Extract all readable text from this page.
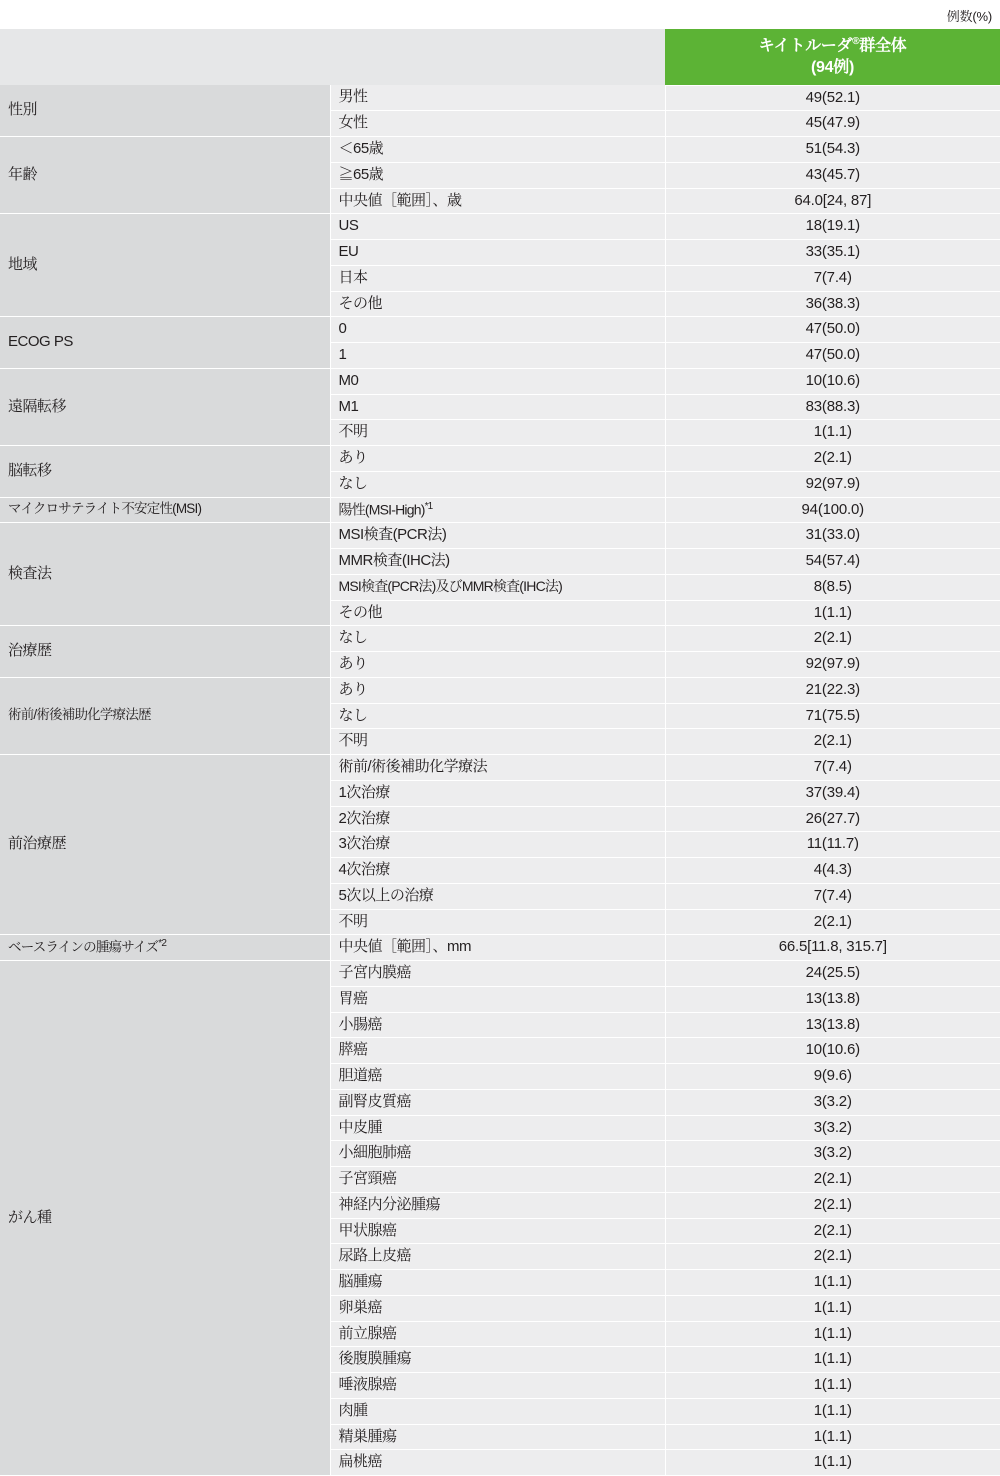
例数(%)
		キイトルーダ®群全体
(94例)
性別	男性	49(52.1)
	女性	45(47.9)
年齢	＜65歳	51(54.3)
	≧65歳	43(45.7)
	中央値［範囲］、歳	64.0[24, 87]
地域	US	18(19.1)
	EU	33(35.1)
	日本	7(7.4)
	その他	36(38.3)
ECOG PS	0	47(50.0)
	1	47(50.0)
遠隔転移	M0	10(10.6)
	M1	83(88.3)
	不明	1(1.1)
脳転移	あり	2(2.1)
	なし	92(97.9)
マイクロサテライト不安定性(MSI)	陽性(MSI-High)$^{*1}$	94(100.0)
検査法	MSI検査(PCR法)	31(33.0)
	MMR検査(IHC法)	54(57.4)
	MSI検査(PCR法)及びMMR検査(IHC法)	8(8.5)
	その他	1(1.1)
治療歴	なし	2(2.1)
	あり	92(97.9)
術前/術後補助化学療法歴	あり	21(22.3)
	なし	71(75.5)
	不明	2(2.1)
前治療歴	術前/術後補助化学療法	7(7.4)
	1次治療	37(39.4)
	2次治療	26(27.7)
	3次治療	11(11.7)
	4次治療	4(4.3)
	5次以上の治療	7(7.4)
	不明	2(2.1)
ベースラインの腫瘍サイズ$^{*2}$	中央値［範囲］、mm	66.5[11.8, 315.7]
がん種	子宮内膜癌	24(25.5)
	胃癌	13(13.8)
	小腸癌	13(13.8)
	膵癌	10(10.6)
	胆道癌	9(9.6)
	副腎皮質癌	3(3.2)
	中皮腫	3(3.2)
	小細胞肺癌	3(3.2)
	子宮頸癌	2(2.1)
	神経内分泌腫瘍	2(2.1)
	甲状腺癌	2(2.1)
	尿路上皮癌	2(2.1)
	脳腫瘍	1(1.1)
	卵巣癌	1(1.1)
	前立腺癌	1(1.1)
	後腹膜腫瘍	1(1.1)
	唾液腺癌	1(1.1)
	肉腫	1(1.1)
	精巣腫瘍	1(1.1)
	扁桃癌	1(1.1)
